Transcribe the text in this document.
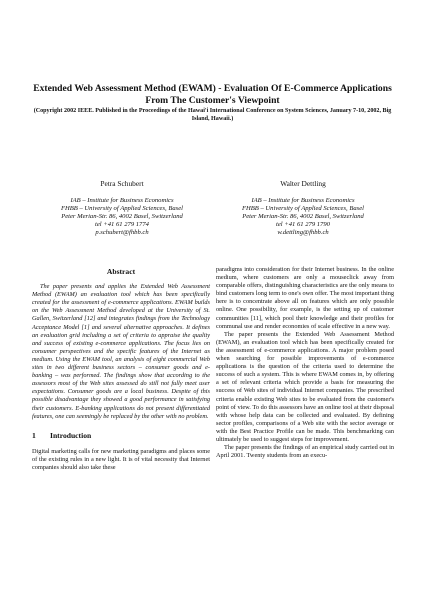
Extended Web Assessment Method (EWAM) - Evaluation Of E-Commerce Applications From The Customer's Viewpoint
(Copyright 2002 IEEE. Published in the Proceedings of the Hawai'i International Conference on System Sciences, January 7-10, 2002, Big Island, Hawaii.)
Petra Schubert
IAB – Institute for Business Economics
FHBB – University of Applied Sciences, Basel
Peter Merian-Str. 86, 4002 Basel, Switzerland
tel +41 61 279 1774
p.schubert@fhbb.ch
Walter Dettling
IAB – Institute for Business Economics
FHBB – University of Applied Sciences, Basel
Peter Merian-Str. 86, 4002 Basel, Switzerland
tel +41 61 279 1790
w.dettling@fhbb.ch
Abstract

The paper presents and applies the Extended Web Assessment Method (EWAM) an evaluation tool which has been specifically created for the assessment of e-commerce applications. EWAM builds on the Web Assessment Method developed at the University of St. Gallen, Switzerland [12] and integrates findings from the Technology Acceptance Model [1] and several alternative approaches. It defines an evaluation grid including a set of criteria to appraise the quality and success of existing e-commerce applications. The focus lies on consumer perspectives and the specific features of the Internet as medium. Using the EWAM tool, an analysis of eight commercial Web sites in two different business sectors – consumer goods and e-banking – was performed. The findings show that according to the assessors most of the Web sites assessed do still not fully meet user expectations. Consumer goods are a local business. Despite of this possible disadvantage they showed a good performance in satisfying their customers. E-banking applications do not present differentiated features, one can seemingly be replaced by the other with no problem.

1 Introduction

Digital marketing calls for new marketing paradigms and places some of the existing rules in a new light. It is of vital necessity that Internet companies should also take these

paradigms into consideration for their Internet business. In the online medium, where customers are only a mouseclick away from comparable offers, distinguishing characteristics are the only means to bind customers long term to one's own offer. The most important thing here is to concentrate above all on features which are only possible online. One possibility, for example, is the setting up of customer communities [11], which pool their knowledge and their profiles for communal use and render economies of scale effective in a new way.

The paper presents the Extended Web Assessment Method (EWAM), an evaluation tool which has been specifically created for the assessment of e-commerce applications. A major problem posed when searching for possible improvements of e-commerce applications is the question of the criteria used to determine the success of such a system. This is where EWAM comes in, by offering a set of relevant criteria which provide a basis for measuring the success of Web sites of individual Internet companies. The prescribed criteria enable existing Web sites to be evaluated from the customer's point of view. To do this assessors have an online tool at their disposal with whose help data can be collected and evaluated. By defining sector profiles, comparisons of a Web site with the sector average or with the Best Practice Profile can be made. This benchmarking can ultimately be used to suggest steps for improvement.

The paper presents the findings of an empirical study carried out in April 2001. Twenty students from an execu-
